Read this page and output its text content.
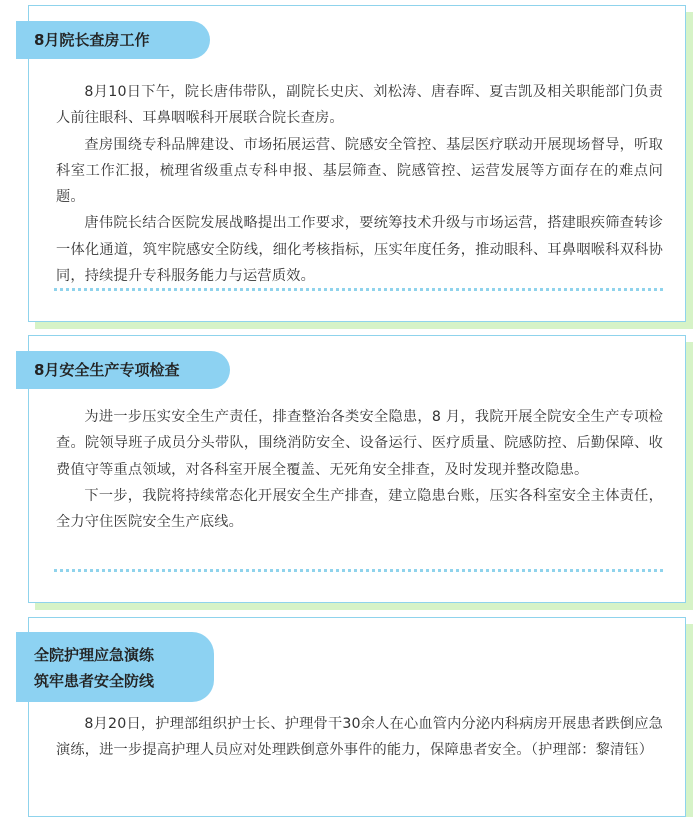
8月院长查房工作

8月10日下午，院长唐伟带队，副院长史庆、刘松涛、唐春晖、夏吉凯及相关职能部门负责人前往眼科、耳鼻咽喉科开展联合院长查房。

查房围绕专科品牌建设、市场拓展运营、院感安全管控、基层医疗联动开展现场督导，听取科室工作汇报，梳理省级重点专科申报、基层筛查、院感管控、运营发展等方面存在的难点问题。

唐伟院长结合医院发展战略提出工作要求，要统筹技术升级与市场运营，搭建眼疾筛查转诊一体化通道，筑牢院感安全防线，细化考核指标，压实年度任务，推动眼科、耳鼻咽喉科双科协同，持续提升专科服务能力与运营质效。

8月安全生产专项检查

为进一步压实安全生产责任，排查整治各类安全隐患，8 月，我院开展全院安全生产专项检查。院领导班子成员分头带队，围绕消防安全、设备运行、医疗质量、院感防控、后勤保障、收费值守等重点领域，对各科室开展全覆盖、无死角安全排查，及时发现并整改隐患。

下一步，我院将持续常态化开展安全生产排查，建立隐患台账，压实各科室安全主体责任，全力守住医院安全生产底线。

全院护理应急演练
筑牢患者安全防线

8月20日，护理部组织护士长、护理骨干30余人在心血管内分泌内科病房开展患者跌倒应急演练，进一步提高护理人员应对处理跌倒意外事件的能力，保障患者安全。（护理部：黎清钰）
